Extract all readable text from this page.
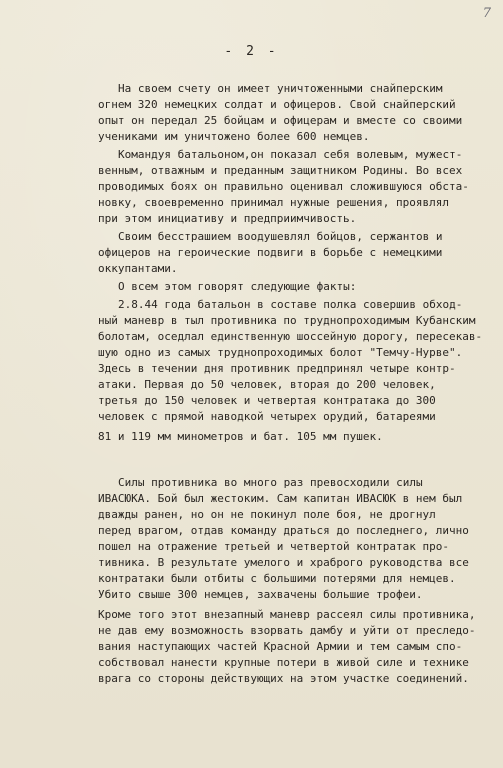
7
- 2 -
На своем счету он имеет уничтоженными снайперским
огнем 320 немецких солдат и офицеров. Свой снайперский
опыт он передал 25 бойцам и офицерам и вместе со своими
учениками им уничтожено более 600 немцев.
Командуя батальоном,он показал себя волевым, мужест-
венным, отважным и преданным защитником Родины. Во всех
проводимых боях он правильно оценивал сложившуюся обста-
новку, своевременно принимал нужные решения, проявлял
при этом инициативу и предприимчивость.
Своим бесстрашием воодушевлял бойцов, сержантов и
офицеров на героические подвиги в борьбе с немецкими
оккупантами.
О всем этом говорят следующие факты:
2.8.44 года батальон в составе полка совершив обход-
ный маневр в тыл противника по труднопроходимым Кубанским
болотам, оседлал единственную шоссейную дорогу, пересекав-
шую одно из самых труднопроходимых болот "Темчу-Нурве".
Здесь в течении дня противник предпринял четыре контр-
атаки. Первая до 50 человек, вторая до 200 человек,
третья до 150 человек и четвертая контратака до 300
человек с прямой наводкой четырех орудий, батареями
81 и 119 мм минометров и бат. 105 мм пушек.
Силы противника во много раз превосходили силы
ИВАСЮКА. Бой был жестоким. Сам капитан ИВАСЮК в нем был
дважды ранен, но он не покинул поле боя, не дрогнул
перед врагом, отдав команду драться до последнего, лично
пошел на отражение третьей и четвертой контратак про-
тивника. В результате умелого и храброго руководства все
контратаки были отбиты с большими потерями для немцев.
Убито свыше 300 немцев, захвачены большие трофеи.
Кроме того этот внезапный маневр рассеял силы противника,
не дав ему возможность взорвать дамбу и уйти от преследо-
вания наступающих частей Красной Армии и тем самым спо-
собствовал нанести крупные потери в живой силе и технике
врага со стороны действующих на этом участке соединений.
